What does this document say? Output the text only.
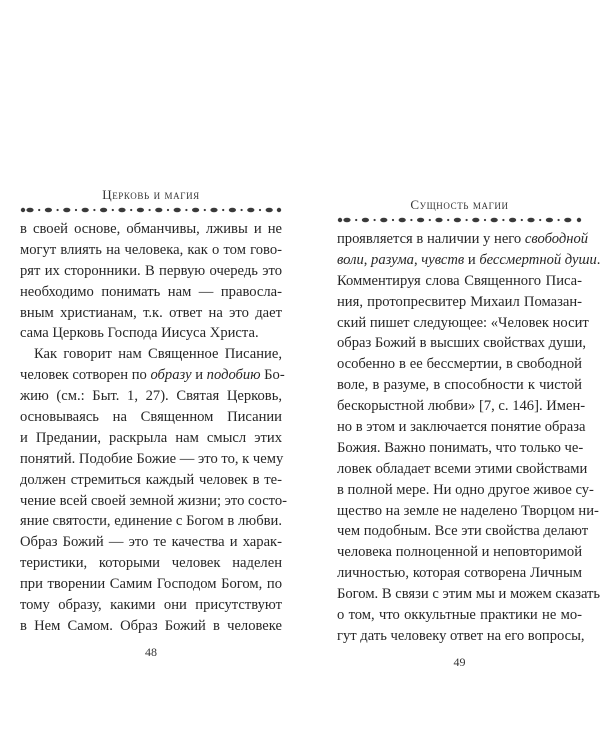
Церковь и магия
в своей основе, обманчивы, лживы и не
могут влиять на человека, как о том гово-
рят их сторонники. В первую очередь это
необходимо понимать нам — правосла-
вным христианам, т.к. ответ на это дает
сама Церковь Господа Иисуса Христа.
Как говорит нам Священное Писание,
человек сотворен по образу и подобию Бо-
жию (см.: Быт. 1, 27). Святая Церковь,
основываясь на Священном Писании
и Предании, раскрыла нам смысл этих
понятий. Подобие Божие — это то, к чему
должен стремиться каждый человек в те-
чение всей своей земной жизни; это состо-
яние святости, единение с Богом в любви.
Образ Божий — это те качества и харак-
теристики, которыми человек наделен
при творении Самим Господом Богом, по
тому образу, какими они присутствуют
в Нем Самом. Образ Божий в человеке
48
Сущность магии
проявляется в наличии у него свободной
воли, разума, чувств и бессмертной души
Комментируя слова Священного Писа-
ния, протопресвитер Михаил Помазан-
ский пишет следующее: «Человек носит
образ Божий в высших свойствах души,
особенно в ее бессмертии, в свободной
воле, в разуме, в способности к чистой
бескорыстной любви» [7, с. 146]. Имен-
но в этом и заключается понятие образа
Божия. Важно понимать, что только че-
ловек обладает всеми этими свойствами
в полной мере. Ни одно другое живое су-
щество на земле не наделено Творцом ни-
чем подобным. Все эти свойства делают
человека полноценной и неповторимой
личностью, которая сотворена Личным
Богом. В связи с этим мы и можем сказать
о том, что оккультные практики не мо-
гут дать человеку ответ на его вопросы,
49
